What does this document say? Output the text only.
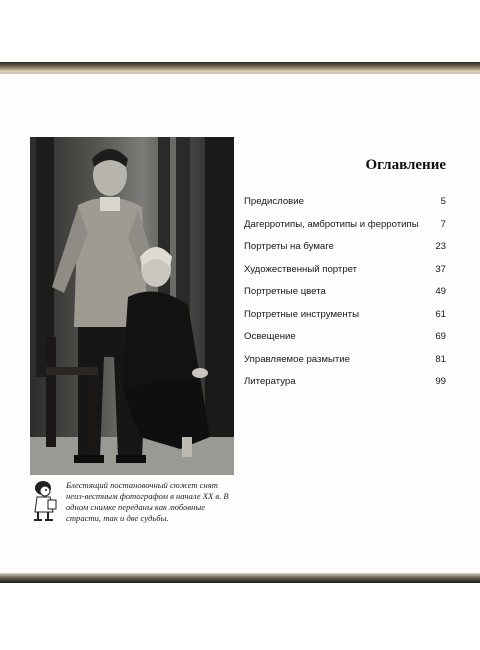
Блестящий постановочный сюжет снят неиз-вестным фотографом в начале XX в. В одном снимке переданы как любовные страсти, так и две судьбы.

Оглавление
Предисловие	5
Дагерротипы, амбротипы и ферротипы 7
Портреты на бумаге	23
Художественный портрет	37
Портретные цвета	49
Портретные инструменты	61
Освещение	69
Управляемое размытие	81
Литература	99
